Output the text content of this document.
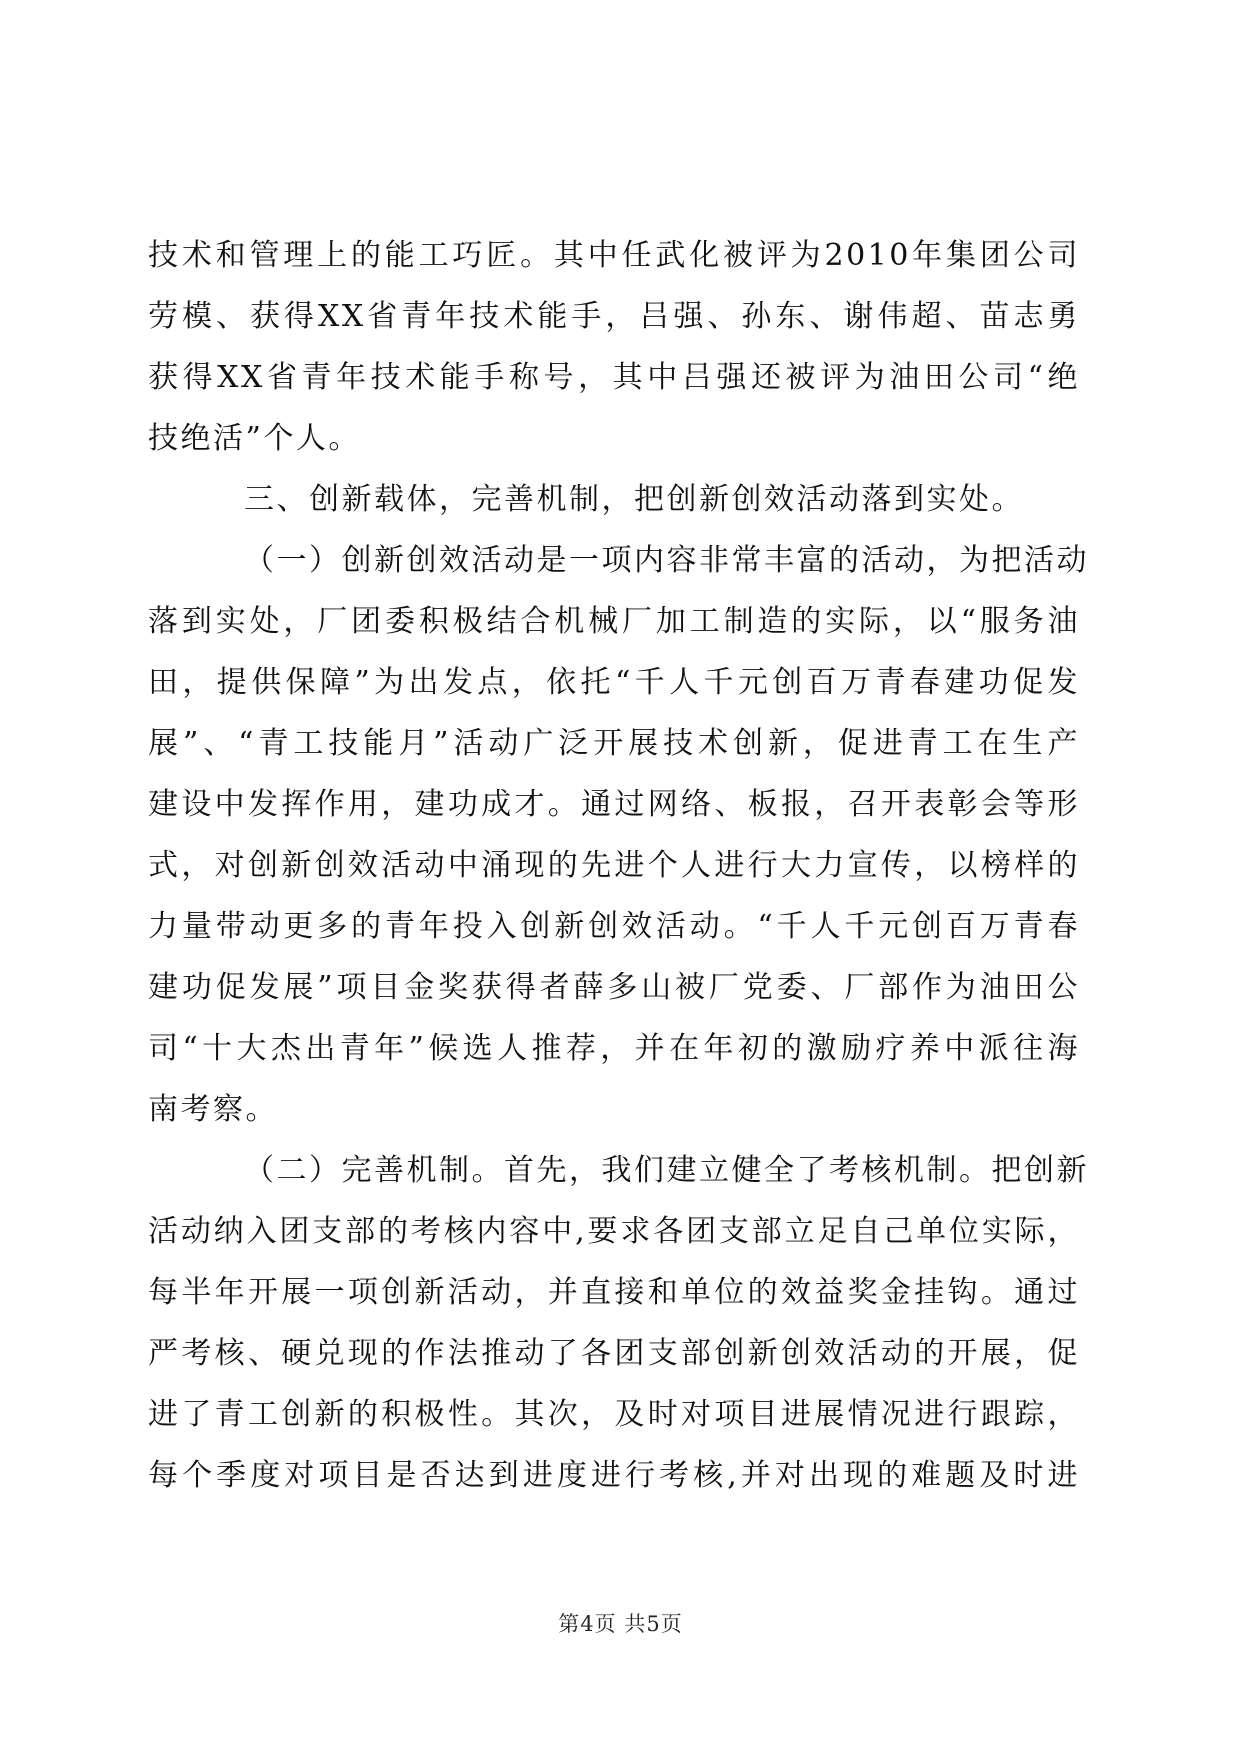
技术和管理上的能工巧匠。其中任武化被评为2010年集团公司
劳模、获得XX省青年技术能手，吕强、孙东、谢伟超、苗志勇
获得XX省青年技术能手称号，其中吕强还被评为油田公司“绝
技绝活”个人。
三、创新载体，完善机制，把创新创效活动落到实处。
（一）创新创效活动是一项内容非常丰富的活动，为把活动
落到实处，厂团委积极结合机械厂加工制造的实际，以“服务油
田，提供保障”为出发点，依托“千人千元创百万青春建功促发
展”、“青工技能月”活动广泛开展技术创新，促进青工在生产
建设中发挥作用，建功成才。通过网络、板报，召开表彰会等形
式，对创新创效活动中涌现的先进个人进行大力宣传，以榜样的
力量带动更多的青年投入创新创效活动。“千人千元创百万青春
建功促发展”项目金奖获得者薛多山被厂党委、厂部作为油田公
司“十大杰出青年”候选人推荐，并在年初的激励疗养中派往海
南考察。
（二）完善机制。首先，我们建立健全了考核机制。把创新
活动纳入团支部的考核内容中,要求各团支部立足自己单位实际，
每半年开展一项创新活动，并直接和单位的效益奖金挂钩。通过
严考核、硬兑现的作法推动了各团支部创新创效活动的开展，促
进了青工创新的积极性。其次，及时对项目进展情况进行跟踪，
每个季度对项目是否达到进度进行考核,并对出现的难题及时进
第4页 共5页
